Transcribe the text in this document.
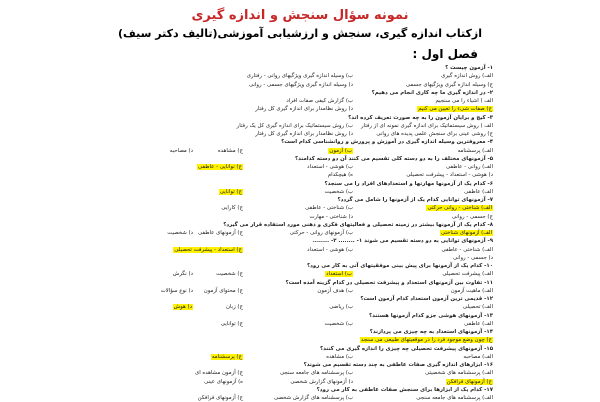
نمونه سؤال سنجش و اندازه گیری
ازکتاب اندازه گیری، سنجش و ارزشیابی آموزشی(تالیف دکتر سیف)
فصل اول :
۱- آزمون چیست ؟
الف) روش اندازه گیری
ب) وسیله اندازه گیری ویژگیهای روانی - رفتاری
ج) وسیله اندازه گیری ویژگیهای جسمی
د) وسیله اندازه گیری ویژگیهای جسمی - روانی
۲- در اندازه گیری ما چه کاری انجام می دهیم؟
الف ) اشیاء را می سنجیم
ب) گزارش کیفی صفات افراد
ج) صفات شیء را تعیین می کنیم
د) روش نظامدار برای اندازه گیری کل رفتار
۳- کیج و برایان آزمون را به چه صورت تعریف کرده اند؟
الف ) روش سیستماتیک برای اندازه گیری نمونه ای از رفتار
ب) روش سیستماتیک برای اندازه گیری کل یک رفتار
ج) روشی عینی برای سنجش علمی پدیده های روانی
د) روش نظامدار برای اندازه گیری کل رفتار
۴- معروفترین وسیله اندازه گیری در آموزش و پرورش و روانشناسی کدام است؟
الف) پرسشنامه
ب) آزمون
ج) مشاهده
د) مصاحبه
۵- آزمونهای مختلف را به دو دسته کلی تقسیم می کنند آن دو دسته کدامند؟
الف) روانی - عاطفی
ب) هوشی - استعداد
ج) توانایی - عاطفی
د) هوشی - استعداد - پیشرفت تحصیلی
ه) هیچکدام
۶- کدام یک از آزمونها مهارتها و استعدادهای افراد را می سنجد؟
الف) عاطفی
ب) شخصیت
ج) توانایی
۷- آزمونهای توانایی کدام یک از آزمونها را شامل می گردد؟
الف) شناختی - روانی حرکتی
ب) شناختی - عاطفی
ج) کارایی
ج) جسمی - روانی
د) شناختی - مهارت
۸- کدام یک از آزمونها بیشتر در زمینه تحصیلی و فعالیتهای فکری و ذهنی مورد استفاده قرار می گیرد؟
الف) آزمونهای شناختی
ب) آزمونهای روانی - حرکتی
ج) آزمونهای عاطفی
د) شخصیت
۹- آزمونهای توانایی به دو دسته تقسیم می شوند ۱- ........ ۲- ........
الف) شناختی - عاطفی
ب) هوشی - استعداد
ج) استعداد - پیشرفت تحصیلی
د) جسمی - روانی
۱۰- کدام یک از آزمونها برای پیش بینی موفقیتهای آتی به کار می رود؟
الف) پیشرفت تحصیلی
ب) استعداد
ج) شخصیت
د) نگرش
۱۱- تفاوت بین آزمونهای استعداد و پیشرفت تحصیلی در کدام گزینه آمده است؟
الف) ماهیت آزمون
ب) هدف آزمون
ج) محتوای آزمون
د) نوع سؤالات
۱۲- قدیمی ترین آزمون استعداد کدام آزمون است؟
الف) تحصیلی
ب) ریاضی
ج) زبان
د) هوش
۱۳- آزمونهای هوشی جزو کدام آزمونها هستند؟
الف) عاطفی
ب) شخصیت
ج) توانایی
۱۴- آزمونهای استعداد به چه چیزی می پردازند؟
ج) چون وضع موجود فرد را در موقعیتهای طبیعی می سنجد
۱۵- آزمونهای پیشرفت تحصیلی چه چیزی را اندازه گیری می کنند؟
الف) مصاحبه
ب) مشاهده
ج) پرسشنامه
۱۶- ابزارهای اندازه گیری صفات عاطفی به چند دسته تقسیم می شوند؟
الف) پرسشنامه های شخصیتی
ب) پرسشنامه های جامعه سنجی
ج) آزمون مشاهده ای
ج) آزمونهای فرافکن
د) آزمونهای گزارش شخصی
ه) آزمونهای عینی
۱۷- کدام یک از ابزارها برای سنجش صفات عاطفی به کار می رود؟
الف) پرسشنامه های جامعه سنجی
ب) پرسشنامه های گزارش شخصی
ج) آزمونهای فرافکن
